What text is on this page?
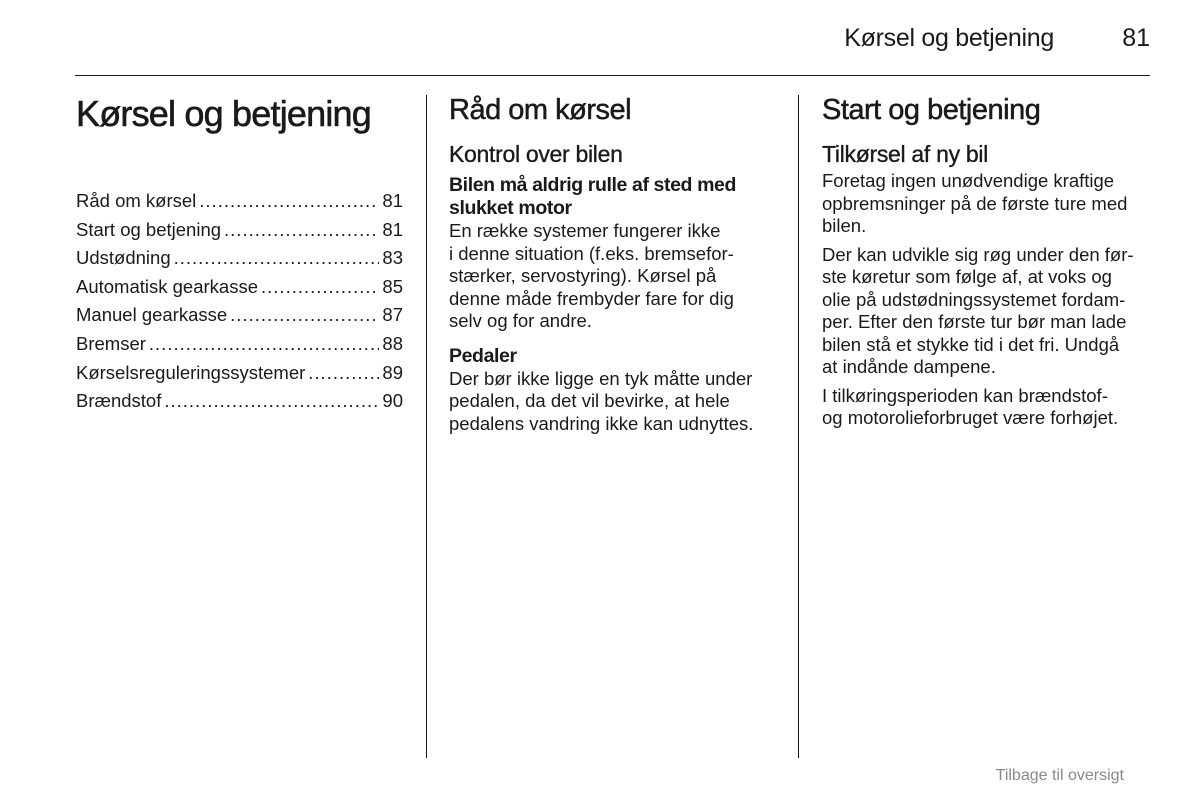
Kørsel og betjening	81
Kørsel og betjening
Råd om kørsel .....	81
Start og betjening .....	81
Udstødning .....	83
Automatisk gearkasse .....	85
Manuel gearkasse .....	87
Bremser .....	88
Kørselsreguleringssystemer .....	89
Brændstof .....	90
Råd om kørsel
Kontrol over bilen
Bilen må aldrig rulle af sted med
slukket motor

En række systemer fungerer ikke
i denne situation (f.eks. bremsefor-
stærker, servostyring). Kørsel på
denne måde frembyder fare for dig
selv og for andre.

Pedaler

Der bør ikke ligge en tyk måtte under
pedalen, da det vil bevirke, at hele
pedalens vandring ikke kan udnyttes.

Start og betjening
Tilkørsel af ny bil

Foretag ingen unødvendige kraftige
opbremsninger på de første ture med
bilen.

Der kan udvikle sig røg under den før-
ste køretur som følge af, at voks og
olie på udstødningssystemet fordam-
per. Efter den første tur bør man lade
bilen stå et stykke tid i det fri. Undgå
at indånde dampene.

I tilkøringsperioden kan brændstof-
og motorolieforbruget være forhøjet.

Tilbage til oversigt
